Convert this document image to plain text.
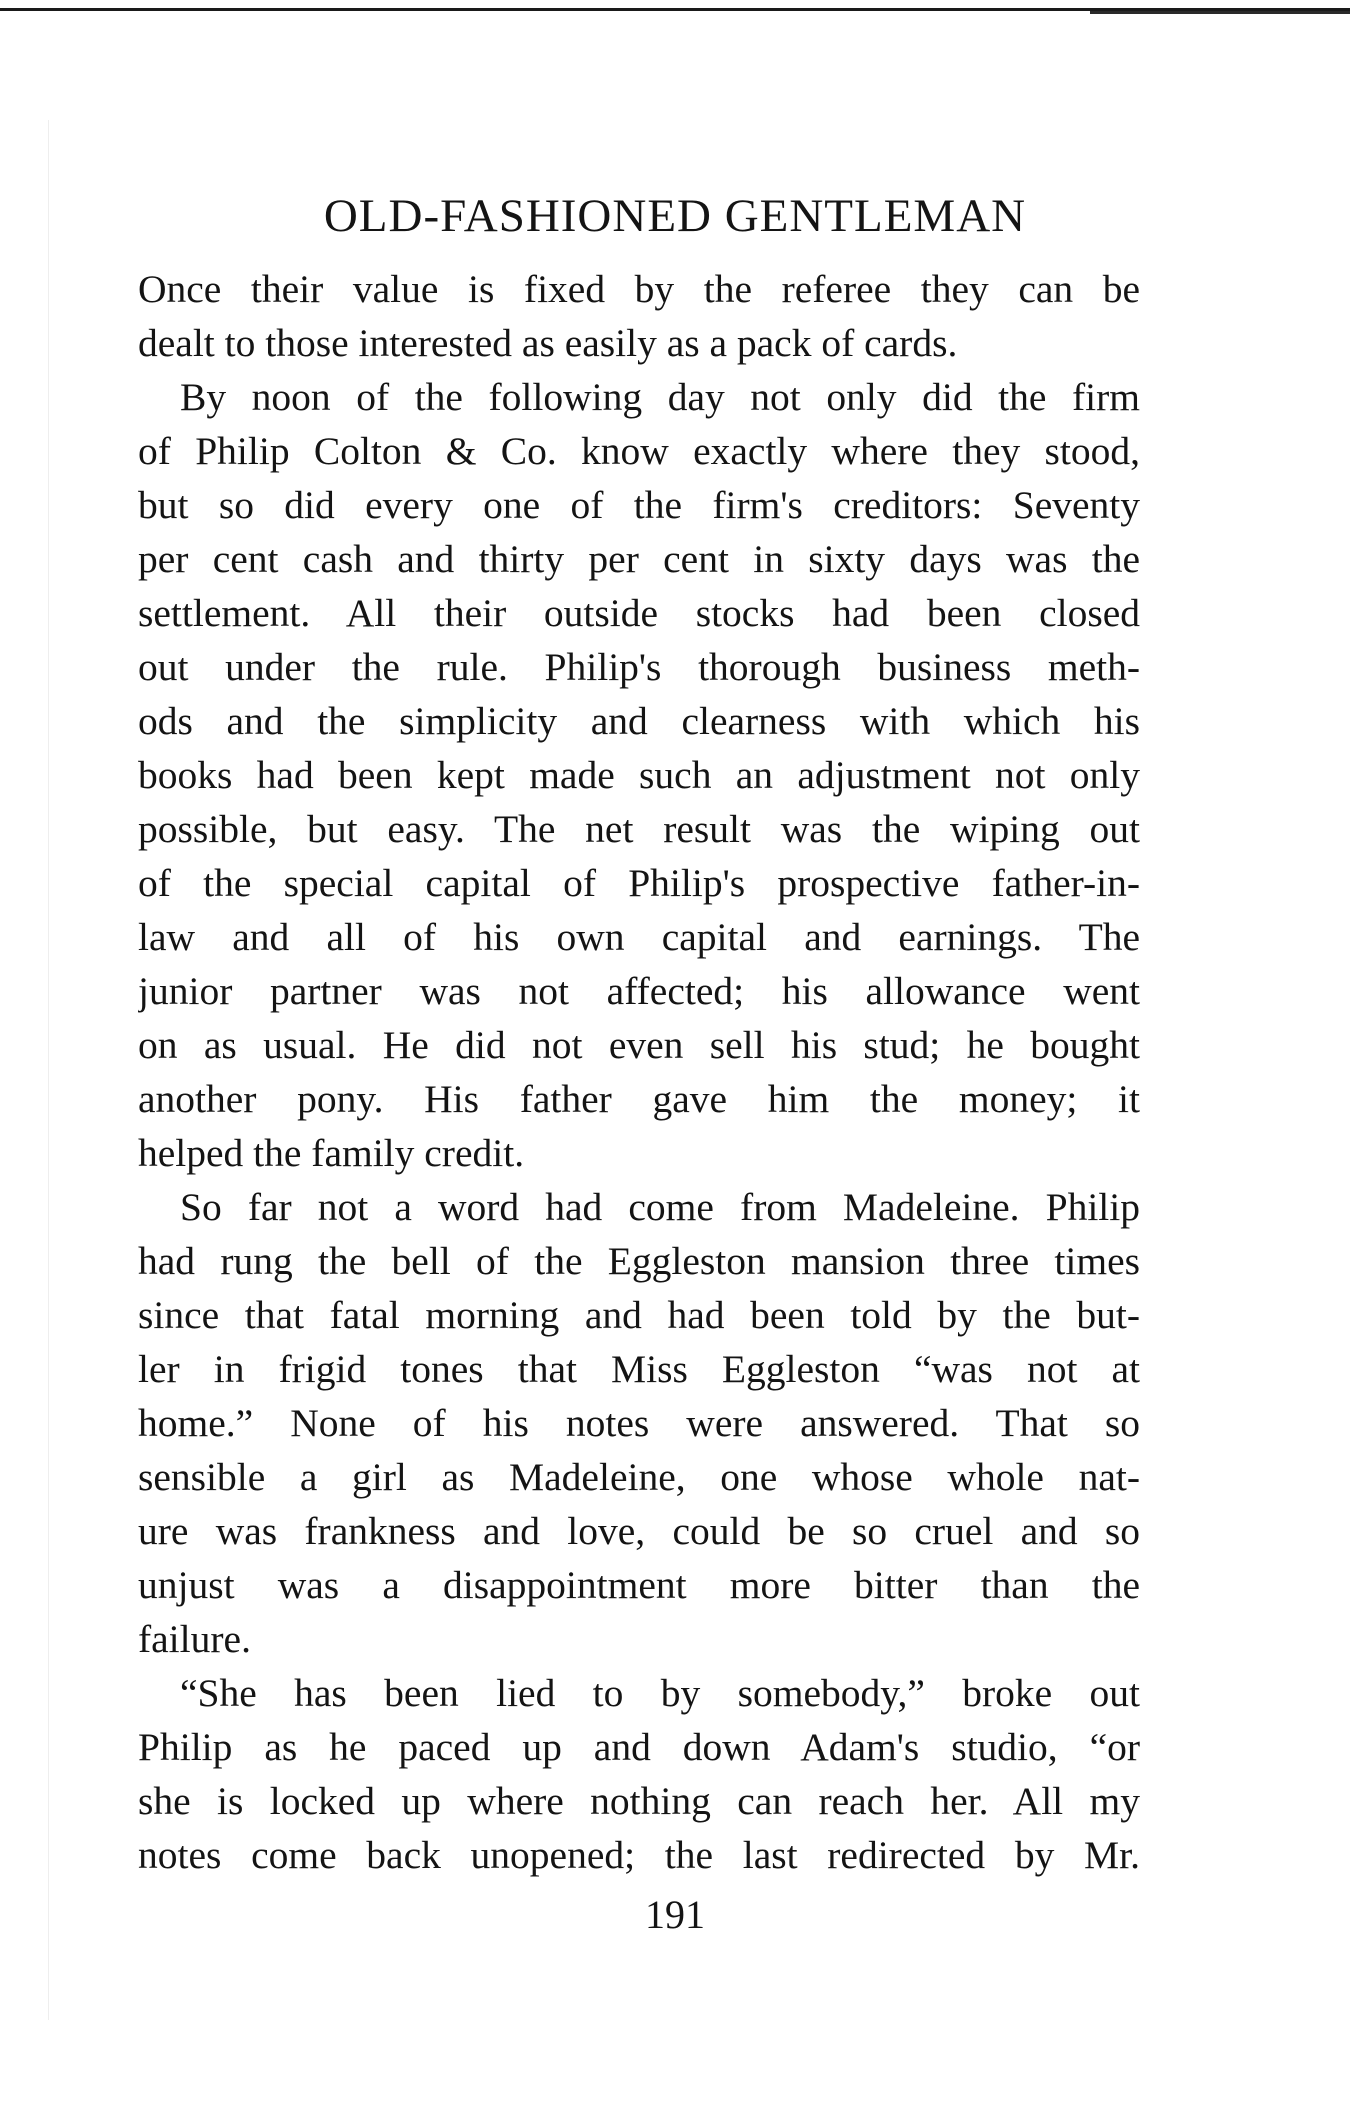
OLD-FASHIONED GENTLEMAN
Once their value is fixed by the referee they can be
dealt to those interested as easily as a pack of cards.
By noon of the following day not only did the firm
of Philip Colton & Co. know exactly where they stood,
but so did every one of the firm's creditors: Seventy
per cent cash and thirty per cent in sixty days was the
settlement. All their outside stocks had been closed
out under the rule. Philip's thorough business meth-
ods and the simplicity and clearness with which his
books had been kept made such an adjustment not only
possible, but easy. The net result was the wiping out
of the special capital of Philip's prospective father-in-
law and all of his own capital and earnings. The
junior partner was not affected; his allowance went
on as usual. He did not even sell his stud; he bought
another pony. His father gave him the money; it
helped the family credit.
So far not a word had come from Madeleine. Philip
had rung the bell of the Eggleston mansion three times
since that fatal morning and had been told by the but-
ler in frigid tones that Miss Eggleston “was not at
home.” None of his notes were answered. That so
sensible a girl as Madeleine, one whose whole nat-
ure was frankness and love, could be so cruel and so
unjust was a disappointment more bitter than the
failure.
“She has been lied to by somebody,” broke out
Philip as he paced up and down Adam's studio, “or
she is locked up where nothing can reach her. All my
notes come back unopened; the last redirected by Mr.
191
